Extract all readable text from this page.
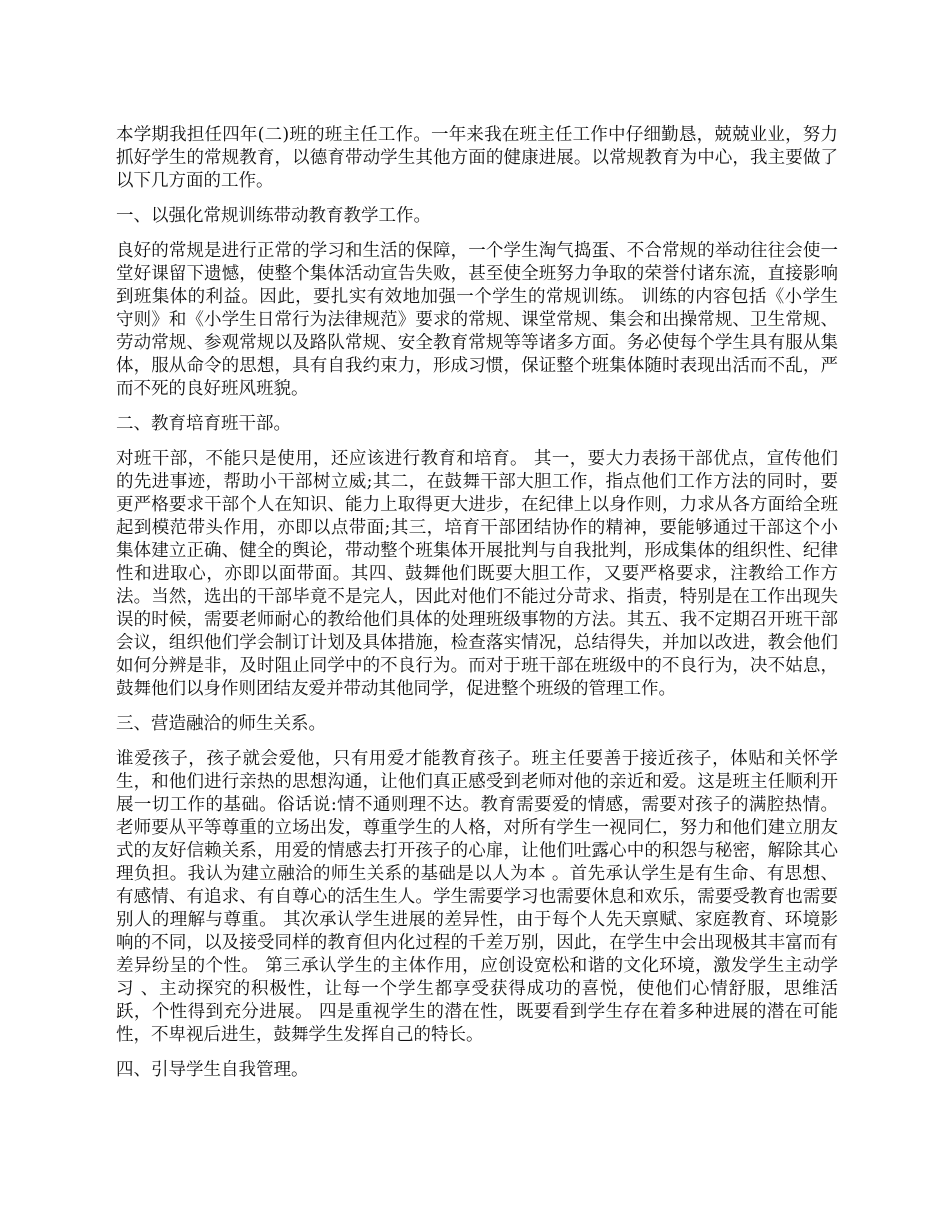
本学期我担任四年(二)班的班主任工作。一年来我在班主任工作中仔细勤恳，兢兢业业，努力抓好学生的常规教育，以德育带动学生其他方面的健康进展。以常规教育为中心，我主要做了以下几方面的工作。

一、以强化常规训练带动教育教学工作。

良好的常规是进行正常的学习和生活的保障，一个学生淘气捣蛋、不合常规的举动往往会使一堂好课留下遗憾，使整个集体活动宣告失败，甚至使全班努力争取的荣誉付诸东流，直接影响到班集体的利益。因此，要扎实有效地加强一个学生的常规训练。 训练的内容包括《小学生守则》和《小学生日常行为法律规范》要求的常规、课堂常规、集会和出操常规、卫生常规、劳动常规、参观常规以及路队常规、安全教育常规等等诸多方面。务必使每个学生具有服从集体，服从命令的思想，具有自我约束力，形成习惯，保证整个班集体随时表现出活而不乱，严而不死的良好班风班貌。

二、教育培育班干部。

对班干部，不能只是使用，还应该进行教育和培育。 其一，要大力表扬干部优点，宣传他们的先进事迹，帮助小干部树立威;其二，在鼓舞干部大胆工作，指点他们工作方法的同时，要更严格要求干部个人在知识、能力上取得更大进步，在纪律上以身作则，力求从各方面给全班起到模范带头作用，亦即以点带面;其三，培育干部团结协作的精神，要能够通过干部这个小集体建立正确、健全的舆论，带动整个班集体开展批判与自我批判，形成集体的组织性、纪律性和进取心，亦即以面带面。其四、鼓舞他们既要大胆工作，又要严格要求，注教给工作方法。当然，选出的干部毕竟不是完人，因此对他们不能过分苛求、指责，特别是在工作出现失误的时候，需要老师耐心的教给他们具体的处理班级事物的方法。其五、我不定期召开班干部会议，组织他们学会制订计划及具体措施，检查落实情况，总结得失，并加以改进，教会他们如何分辨是非，及时阻止同学中的不良行为。而对于班干部在班级中的不良行为，决不姑息，鼓舞他们以身作则团结友爱并带动其他同学，促进整个班级的管理工作。

三、营造融洽的师生关系。

谁爱孩子，孩子就会爱他，只有用爱才能教育孩子。班主任要善于接近孩子，体贴和关怀学生，和他们进行亲热的思想沟通，让他们真正感受到老师对他的亲近和爱。这是班主任顺利开展一切工作的基础。俗话说:情不通则理不达。教育需要爱的情感，需要对孩子的满腔热情。老师要从平等尊重的立场出发，尊重学生的人格，对所有学生一视同仁，努力和他们建立朋友式的友好信赖关系，用爱的情感去打开孩子的心扉，让他们吐露心中的积怨与秘密，解除其心理负担。我认为建立融洽的师生关系的基础是以人为本 。首先承认学生是有生命、有思想、有感情、有追求、有自尊心的活生生人。学生需要学习也需要休息和欢乐，需要受教育也需要别人的理解与尊重。 其次承认学生进展的差异性，由于每个人先天禀赋、家庭教育、环境影响的不同，以及接受同样的教育但内化过程的千差万别，因此，在学生中会出现极其丰富而有差异纷呈的个性。 第三承认学生的主体作用，应创设宽松和谐的文化环境，激发学生主动学习 、主动探究的积极性，让每一个学生都享受获得成功的喜悦，使他们心情舒服，思维活跃，个性得到充分进展。 四是重视学生的潜在性，既要看到学生存在着多种进展的潜在可能性，不卑视后进生，鼓舞学生发挥自己的特长。

四、引导学生自我管理。
